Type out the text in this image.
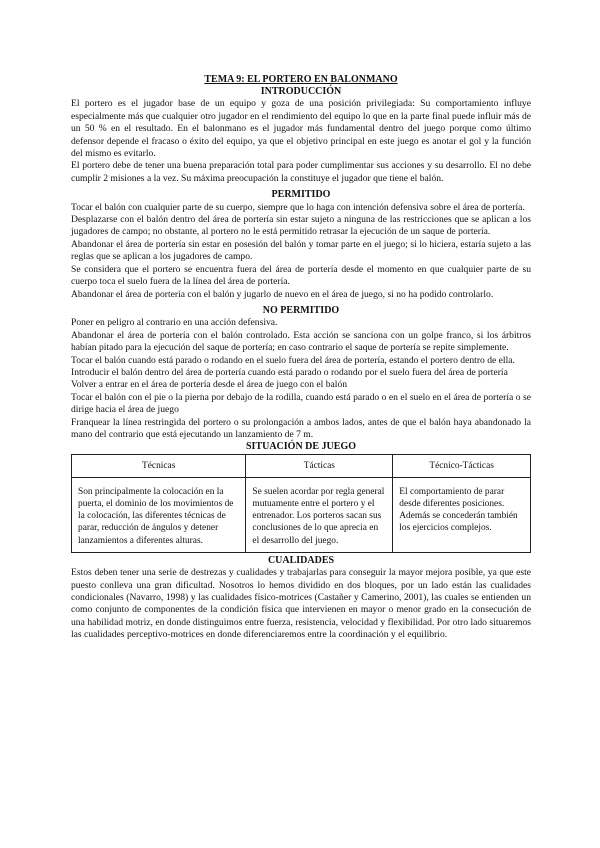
TEMA 9: EL PORTERO EN BALONMANO
INTRODUCCIÓN

El portero es el jugador base de un equipo y goza de una posición privilegiada: Su comportamiento influye especialmente más que cualquier otro jugador en el rendimiento del equipo lo que en la parte final puede influir más de un 50 % en el resultado. En el balonmano es el jugador más fundamental dentro del juego porque como último defensor depende el fracaso o éxito del equipo, ya que el objetivo principal en este juego es anotar el gol y la función del mismo es evitarlo.

El portero debe de tener una buena preparación total para poder cumplimentar sus acciones y su desarrollo. El no debe cumplir 2 misiones a la vez. Su máxima preocupación la constituye el jugador que tiene el balón.

PERMITIDO

Tocar el balón con cualquier parte de su cuerpo, siempre que lo haga con intención defensiva sobre el área de portería.

Desplazarse con el balón dentro del área de portería sin estar sujeto a ninguna de las restricciones que se aplican a los jugadores de campo; no obstante, al portero no le está permitido retrasar la ejecución de un saque de portería.

Abandonar el área de portería sin estar en posesión del balón y tomar parte en el juego; si lo hiciera, estaría sujeto a las reglas que se aplican a los jugadores de campo.

Se considera que el portero se encuentra fuera del área de portería desde el momento en que cualquier parte de su cuerpo toca el suelo fuera de la línea del área de portería.

Abandonar el área de portería con el balón y jugarlo de nuevo en el área de juego, si no ha podido controlarlo.

NO PERMITIDO

Poner en peligro al contrario en una acción defensiva.

Abandonar el área de portería con el balón controlado. Esta acción se sanciona con un golpe franco, si los árbitros habían pitado para la ejecución del saque de portería; en caso contrario el saque de portería se repite simplemente.

Tocar el balón cuando está parado o rodando en el suelo fuera del área de portería, estando el portero dentro de ella.

Introducir el balón dentro del área de portería cuando está parado o rodando por el suelo fuera del área de portería

Volver a entrar en el área de portería desde el área de juego con el balón

Tocar el balón con el pie o la pierna por debajo de la rodilla, cuando está parado o en el suelo en el área de portería o se dirige hacia el área de juego

Franquear la línea restringida del portero o su prolongación a ambos lados, antes de que el balón haya abandonado la mano del contrario que está ejecutando un lanzamiento de 7 m.

SITUACIÓN DE JUEGO
Técnicas	Tácticas	Técnico-Tácticas

Son principalmente la colocación en la puerta, el dominio de los movimientos de la colocación, las diferentes técnicas de parar, reducción de ángulos y detener lanzamientos a diferentes alturas.	Se suelen acordar por regla general mutuamente entre el portero y el entrenador. Los porteros sacan sus conclusiones de lo que aprecia en el desarrollo del juego.	El comportamiento de parar desde diferentes posiciones.
Además se concederán también los ejercicios complejos.
CUALIDADES

Estos deben tener una serie de destrezas y cualidades y trabajarlas para conseguir la mayor mejora posible, ya que este puesto conlleva una gran dificultad. Nosotros lo hemos dividido en dos bloques, por un lado están las cualidades condicionales (Navarro, 1998) y las cualidades físico-motrices (Castañer y Camerino, 2001), las cuales se entienden un como conjunto de componentes de la condición física que intervienen en mayor o menor grado en la consecución de una habilidad motriz, en donde distinguimos entre fuerza, resistencia, velocidad y flexibilidad. Por otro lado situaremos las cualidades perceptivo-motrices en donde diferenciaremos entre la coordinación y el equilibrio.
